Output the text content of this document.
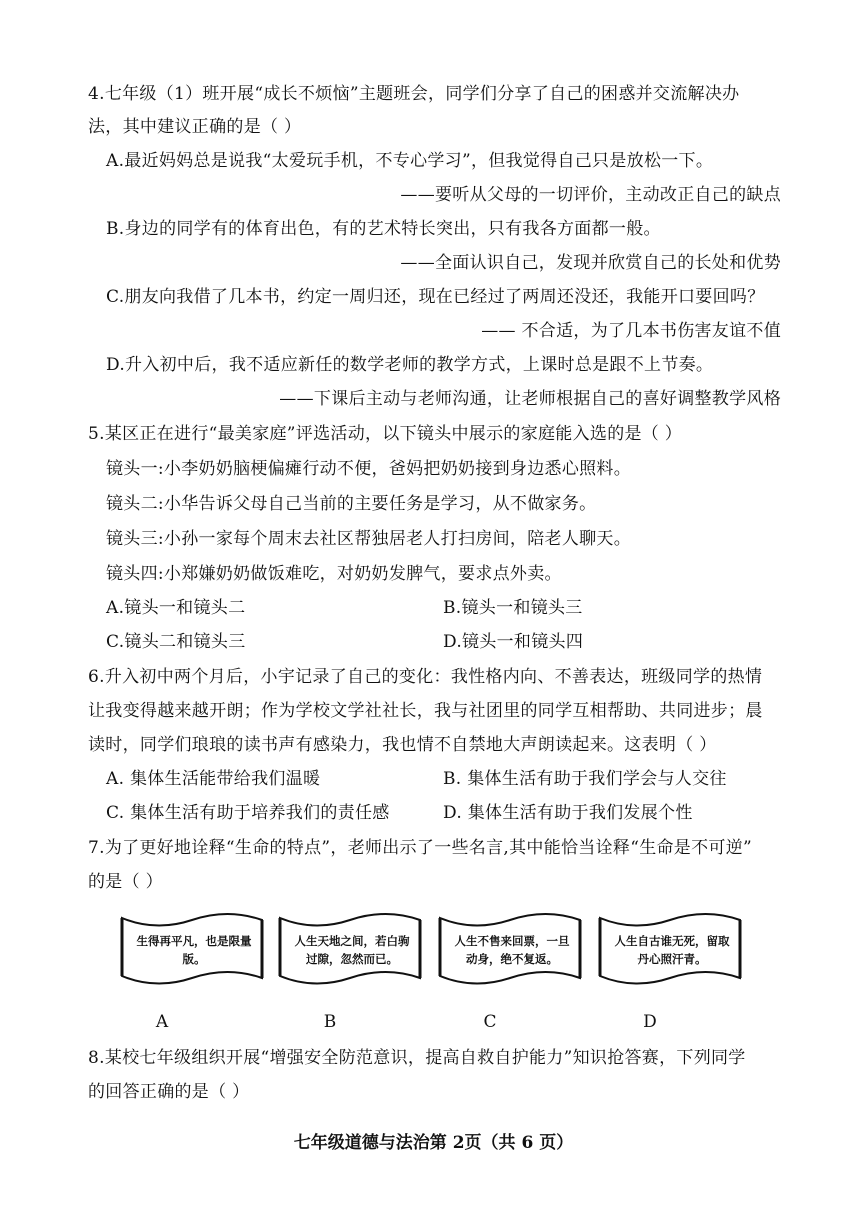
4.七年级（1）班开展“成长不烦恼”主题班会，同学们分享了自己的困惑并交流解决办
法，其中建议正确的是（ ）
A.最近妈妈总是说我“太爱玩手机，不专心学习”，但我觉得自己只是放松一下。
——要听从父母的一切评价，主动改正自己的缺点
B.身边的同学有的体育出色，有的艺术特长突出，只有我各方面都一般。
——全面认识自己，发现并欣赏自己的长处和优势
C.朋友向我借了几本书，约定一周归还，现在已经过了两周还没还，我能开口要回吗？
—— 不合适，为了几本书伤害友谊不值
D.升入初中后，我不适应新任的数学老师的教学方式，上课时总是跟不上节奏。
——下课后主动与老师沟通，让老师根据自己的喜好调整教学风格
5.某区正在进行“最美家庭”评选活动，以下镜头中展示的家庭能入选的是（ ）
镜头一:小李奶奶脑梗偏瘫行动不便，爸妈把奶奶接到身边悉心照料。
镜头二:小华告诉父母自己当前的主要任务是学习，从不做家务。
镜头三:小孙一家每个周末去社区帮独居老人打扫房间，陪老人聊天。
镜头四:小郑嫌奶奶做饭难吃，对奶奶发脾气，要求点外卖。
A.镜头一和镜头二	B.镜头一和镜头三
C.镜头二和镜头三	D.镜头一和镜头四
6.升入初中两个月后，小宇记录了自己的变化：我性格内向、不善表达，班级同学的热情
让我变得越来越开朗；作为学校文学社社长，我与社团里的同学互相帮助、共同进步；晨
读时，同学们琅琅的读书声有感染力，我也情不自禁地大声朗读起来。这表明（ ）
A. 集体生活能带给我们温暖	B. 集体生活有助于我们学会与人交往
C. 集体生活有助于培养我们的责任感	D. 集体生活有助于我们发展个性
7.为了更好地诠释“生命的特点”，老师出示了一些名言,其中能恰当诠释“生命是不可逆”
的是（ ）
生得再平凡，也是限量版。
A
人生天地之间，若白驹过隙，忽然而已。
B
人生不售来回票，一旦动身，绝不复返。
C
人生自古谁无死，留取丹心照汗青。
D
8.某校七年级组织开展“增强安全防范意识，提高自救自护能力”知识抢答赛，下列同学
的回答正确的是（ ）
七年级道德与法治第 2页（共 6 页）
